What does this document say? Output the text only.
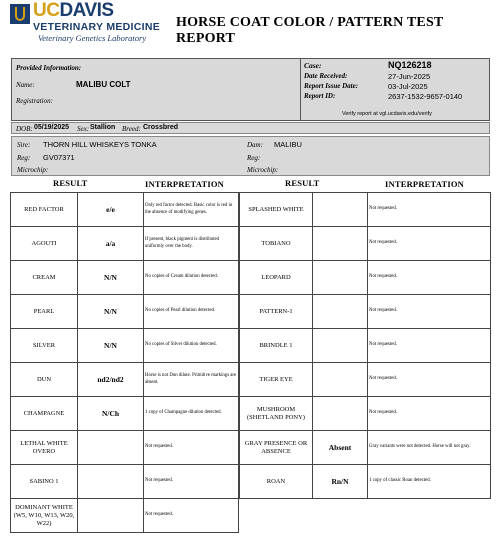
UCDAVIS
VETERINARY MEDICINE
Veterinary Genetics Laboratory
HORSE COAT COLOR / PATTERN TEST REPORT
Provided Information:
Name:	MALIBU COLT
Registration:
Case:	NQ126218
Date Received:	27-Jun-2025
Report Issue Date:	03-Jul-2025
Report ID:	2637-1532-9657-0140
Verify report at vgl.ucdavis.edu/verify
DOB: 05/19/2025 Sex: Stallion Breed: Crossbred
Sire: THORN HILL WHISKEYS TONKA
Reg: GV07371
Microchip:
Dam: MALIBU
Reg:
Microchip:
RESULT	INTERPRETATION	RESULT	INTERPRETATION
RED FACTOR	e/e	Only red factor detected. Basic color is red in the absence of modifying genes.
AGOUTI	a/a	If present, black pigment is distributed uniformly over the body.
CREAM	N/N	No copies of Cream dilution detected.
PEARL	N/N	No copies of Pearl dilution detected.
SILVER	N/N	No copies of Silver dilution detected.
DUN	nd2/nd2	Horse is not Dun dilute. Primitive markings are absent.
CHAMPAGNE	N/Ch	1 copy of Champagne dilution detected.
LETHAL WHITE OVERO		Not requested.
SABINO 1		Not requested.
DOMINANT WHITE (W5, W10, W13, W20, W22)		Not requested.
SPLASHED WHITE		Not requested.
TOBIANO		Not requested.
LEOPARD		Not requested.
PATTERN-1		Not requested.
BRINDLE 1		Not requested.
TIGER EYE		Not requested.
MUSHROOM (SHETLAND PONY)		Not requested.
GRAY PRESENCE OR ABSENCE	Absent	Gray variants were not detected. Horse will not gray.
ROAN	Rn/N	1 copy of classic Roan detected.
